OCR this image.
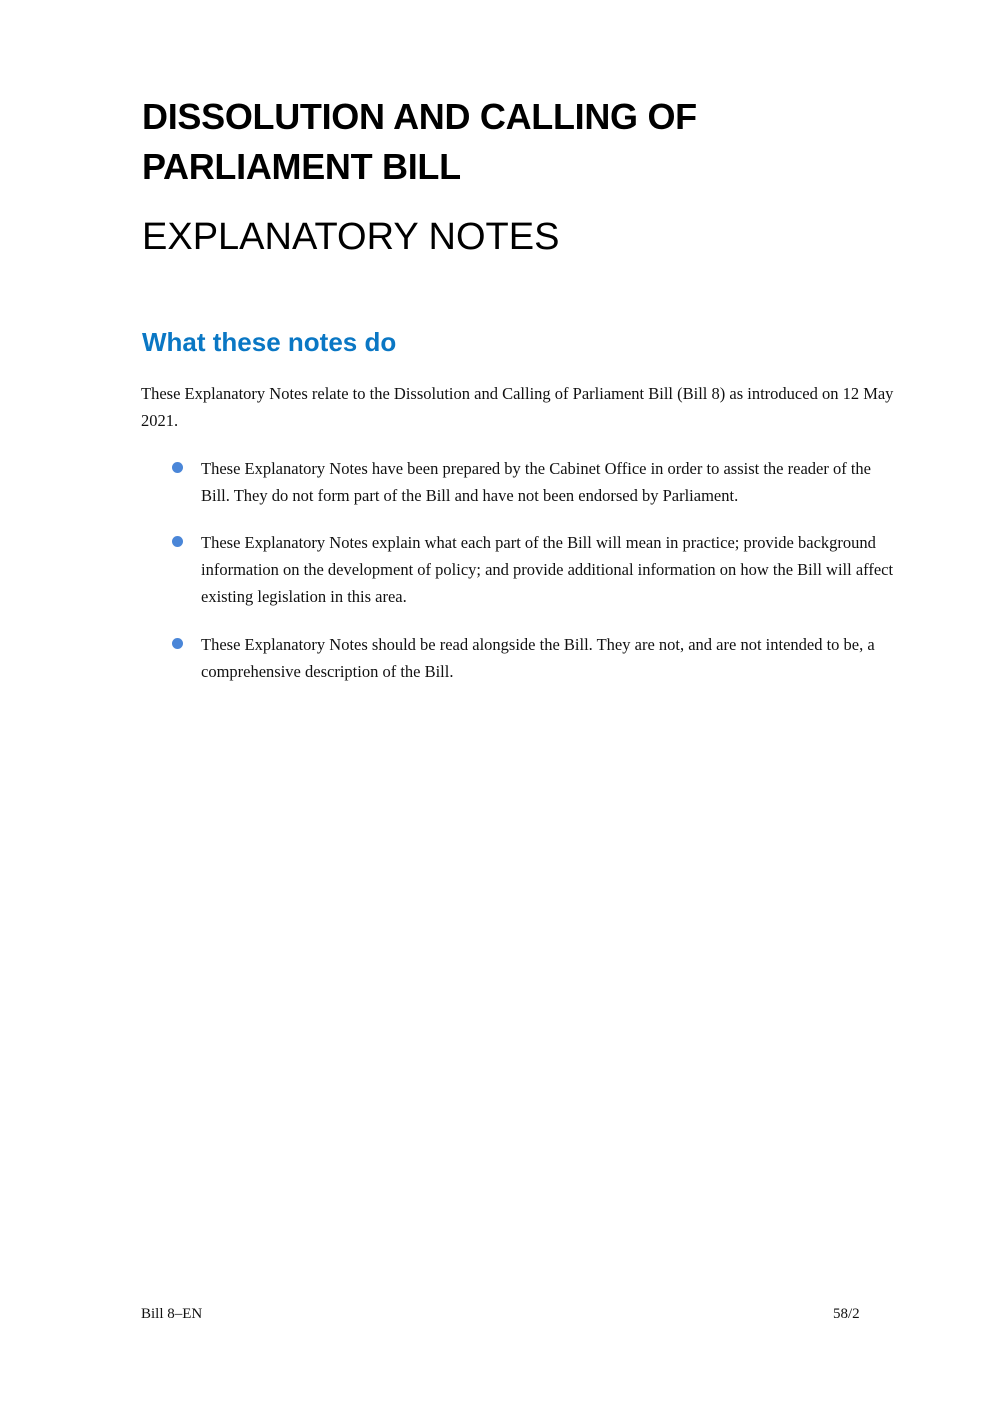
DISSOLUTION AND CALLING OF PARLIAMENT BILL
EXPLANATORY NOTES
What these notes do
These Explanatory Notes relate to the Dissolution and Calling of Parliament Bill (Bill 8) as introduced on 12 May 2021.
These Explanatory Notes have been prepared by the Cabinet Office in order to assist the reader of the Bill. They do not form part of the Bill and have not been endorsed by Parliament.
These Explanatory Notes explain what each part of the Bill will mean in practice; provide background information on the development of policy; and provide additional information on how the Bill will affect existing legislation in this area.
These Explanatory Notes should be read alongside the Bill. They are not, and are not intended to be, a comprehensive description of the Bill.
Bill 8–EN	58/2
